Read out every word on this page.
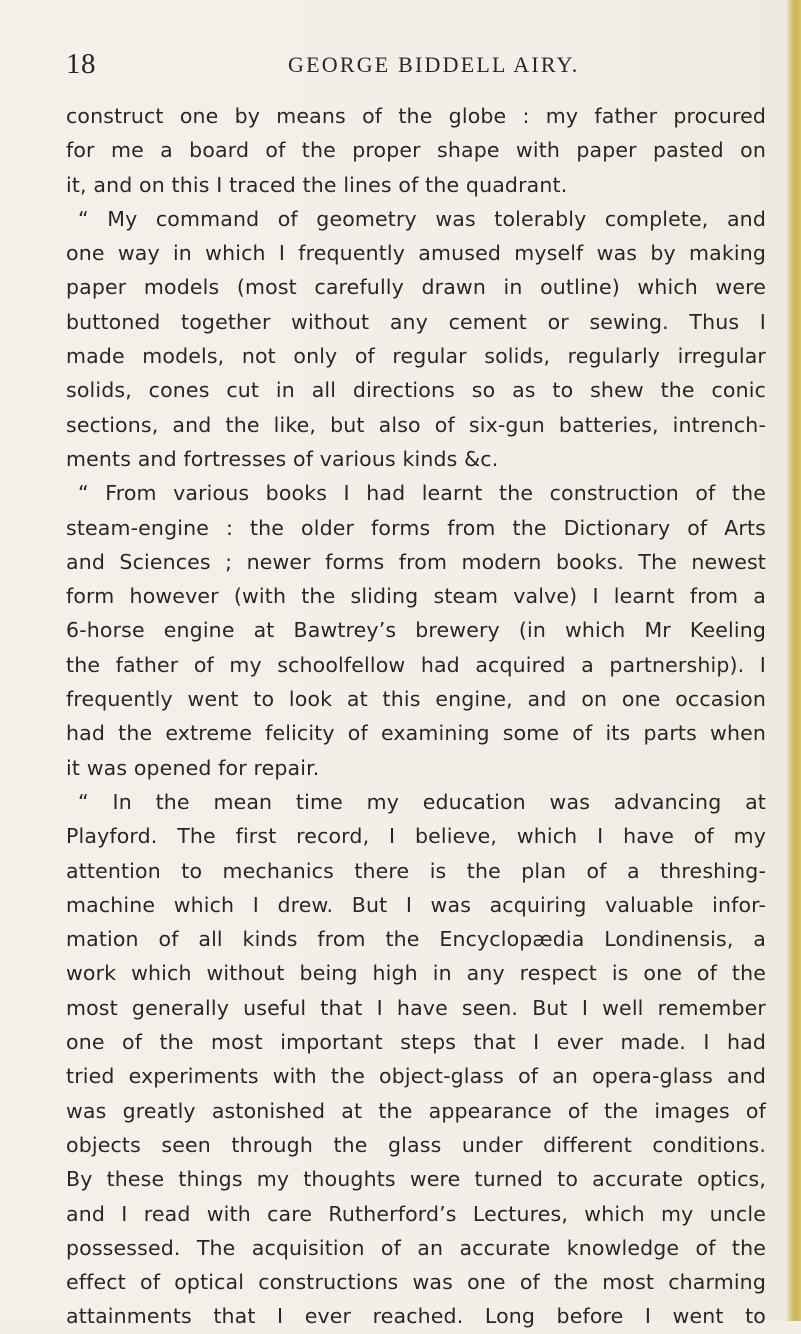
18	GEORGE BIDDELL AIRY.
construct one by means of the globe : my father procured
for me a board of the proper shape with paper pasted on
it, and on this I traced the lines of the quadrant.
“ My command of geometry was tolerably complete, and
one way in which I frequently amused myself was by making
paper models (most carefully drawn in outline) which were
buttoned together without any cement or sewing. Thus I
made models, not only of regular solids, regularly irregular
solids, cones cut in all directions so as to shew the conic
sections, and the like, but also of six-gun batteries, intrench-
ments and fortresses of various kinds &c.
“ From various books I had learnt the construction of the
steam-engine : the older forms from the Dictionary of Arts
and Sciences ; newer forms from modern books. The newest
form however (with the sliding steam valve) I learnt from a
6-horse engine at Bawtrey’s brewery (in which Mr Keeling
the father of my schoolfellow had acquired a partnership). I
frequently went to look at this engine, and on one occasion
had the extreme felicity of examining some of its parts when
it was opened for repair.
“ In the mean time my education was advancing at
Playford. The first record, I believe, which I have of my
attention to mechanics there is the plan of a threshing-
machine which I drew. But I was acquiring valuable infor-
mation of all kinds from the Encyclopædia Londinensis, a
work which without being high in any respect is one of the
most generally useful that I have seen. But I well remember
one of the most important steps that I ever made. I had
tried experiments with the object-glass of an opera-glass and
was greatly astonished at the appearance of the images of
objects seen through the glass under different conditions.
By these things my thoughts were turned to accurate optics,
and I read with care Rutherford’s Lectures, which my uncle
possessed. The acquisition of an accurate knowledge of the
effect of optical constructions was one of the most charming
attainments that I ever reached. Long before I went to
